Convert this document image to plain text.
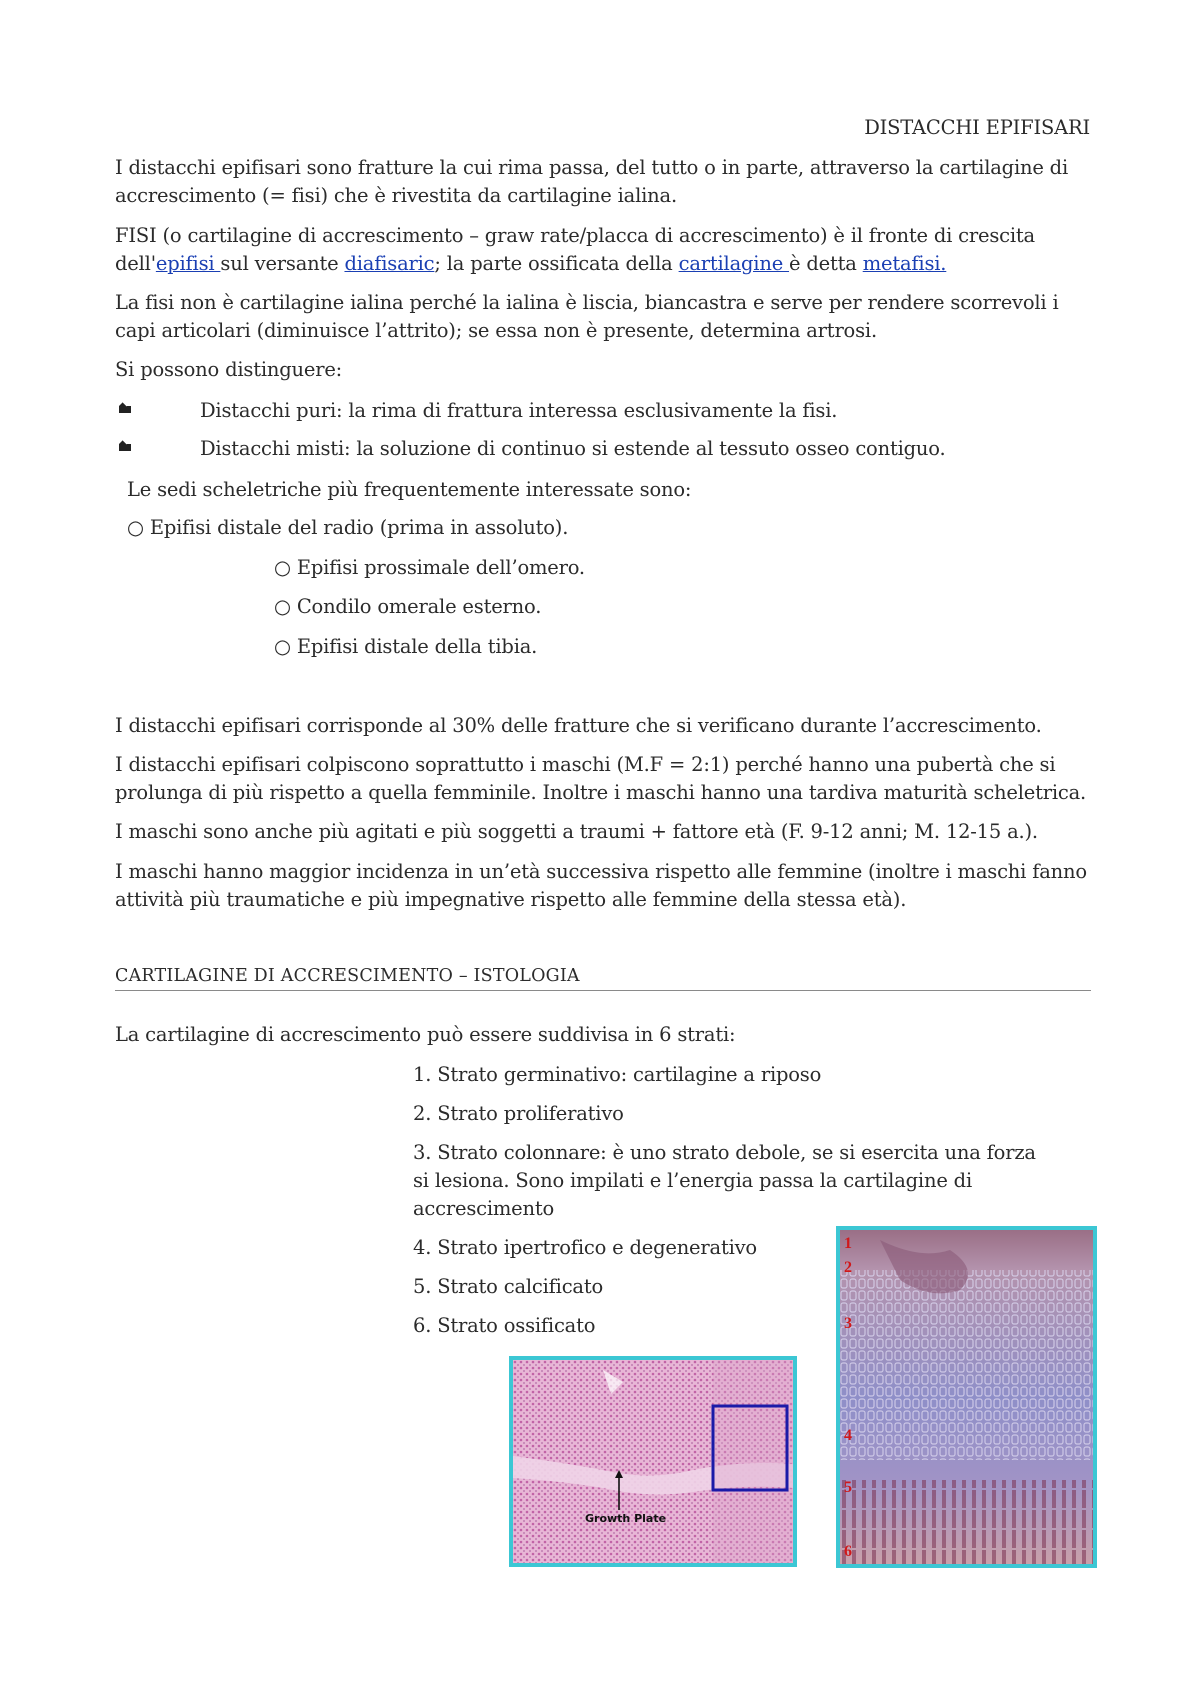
DISTACCHI EPIFISARI
I distacchi epifisari sono fratture la cui rima passa, del tutto o in parte, attraverso la cartilagine di accrescimento (= fisi) che è rivestita da cartilagine ialina.
FISI (o cartilagine di accrescimento – graw rate/placca di accrescimento) è il fronte di crescita dell'epifisi sul versante diafisaric; la parte ossificata della cartilagine è detta metafisi.
La fisi non è cartilagine ialina perché la ialina è liscia, biancastra e serve per rendere scorrevoli i capi articolari (diminuisce l’attrito); se essa non è presente, determina artrosi.
Si possono distinguere:
Distacchi puri: la rima di frattura interessa esclusivamente la fisi.
Distacchi misti: la soluzione di continuo si estende al tessuto osseo contiguo.
Le sedi scheletriche più frequentemente interessate sono:
○ Epifisi distale del radio (prima in assoluto).
○ Epifisi prossimale dell’omero.
○ Condilo omerale esterno.
○ Epifisi distale della tibia.
I distacchi epifisari corrisponde al 30% delle fratture che si verificano durante l’accrescimento.
I distacchi epifisari colpiscono soprattutto i maschi (M.F = 2:1) perché hanno una pubertà che si prolunga di più rispetto a quella femminile. Inoltre i maschi hanno una tardiva maturità scheletrica.
I maschi sono anche più agitati e più soggetti a traumi + fattore età (F. 9-12 anni; M. 12-15 a.).
I maschi hanno maggior incidenza in un’età successiva rispetto alle femmine (inoltre i maschi fanno attività più traumatiche e più impegnative rispetto alle femmine della stessa età).
CARTILAGINE DI ACCRESCIMENTO – ISTOLOGIA
La cartilagine di accrescimento può essere suddivisa in 6 strati:
1. Strato germinativo: cartilagine a riposo
2. Strato proliferativo
3. Strato colonnare: è uno strato debole, se si esercita una forza si lesiona. Sono impilati e l’energia passa la cartilagine di accrescimento
4. Strato ipertrofico e degenerativo
5. Strato calcificato
6. Strato ossificato
Growth Plate
1
2
3
4
5
6
